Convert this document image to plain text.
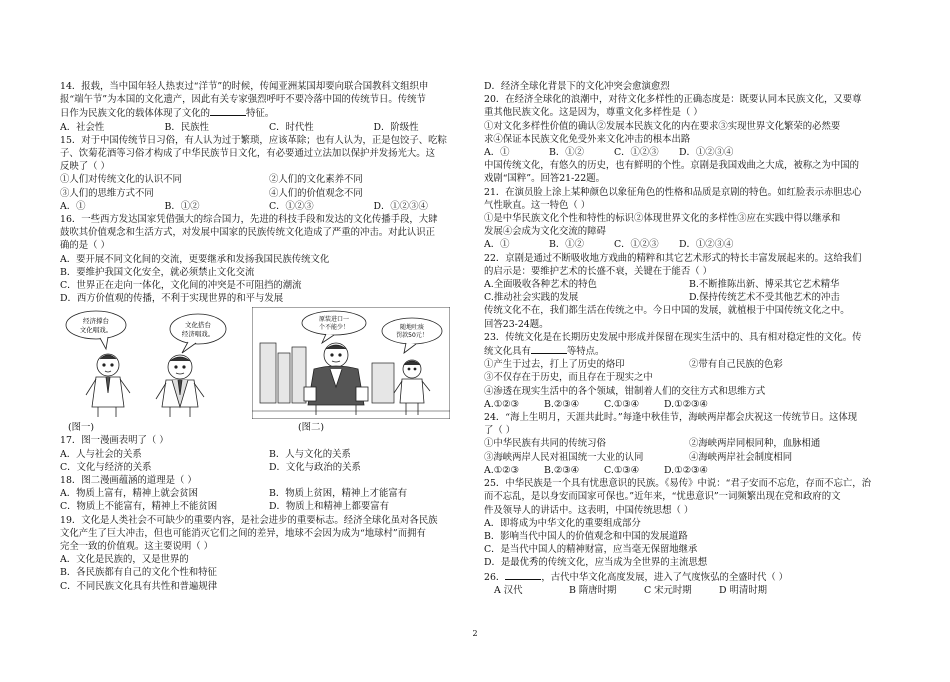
14．报载，当中国年轻人热衷过“洋节”的时候，传闻亚洲某国却要向联合国教科文组织申
报“端午节”为本国的文化遗产，因此有关专家强烈呼吁不要冷落中国的传统节日。传统节
日作为民族文化的载体体现了文化的	特征。
A．社会性	B．民族性	C．时代性	D．阶级性
15．对于中国传统节日习俗，有人认为过于繁琐，应该革除；也有人认为，正是包饺子、吃粽
子、饮菊花酒等习俗才构成了中华民族节日文化，有必要通过立法加以保护并发扬光大。这
反映了（ ）
①人们对传统文化的认识不同	②人们的文化素养不同
③人们的思维方式不同	④人们的价值观念不同
A．①	B．①②	C．①②③	D．①②③④
16．一些西方发达国家凭借强大的综合国力，先进的科技手段和发达的文化传播手段，大肆
鼓吹其价值观念和生活方式，对发展中国家的民族传统文化造成了严重的冲击。对此认识正
确的是（ ）
A．要开展不同文化间的交流，更要继承和发扬我国民族传统文化
B．要维护我国文化安全，就必须禁止文化交流
C．世界正在走向一体化，文化间的冲突是不可阻挡的潮流
D．西方价值观的传播，不利于实现世界的和平与发展
经济撑台
文化唱戏。
文化搭台
经济唱戏。
原装进口一
个不能少！	随地吐痰
罚款50元！
(图一)	(图二)
17．图一漫画表明了（ ）
A．人与社会的关系	B．人与文化的关系
C．文化与经济的关系	D．文化与政治的关系
18．图二漫画蕴涵的道理是（ ）
A．物质上富有，精神上就会贫困	B．物质上贫困，精神上才能富有
C．物质上不能富有，精神上不能贫困	D．物质上和精神上都要富有
19．文化是人类社会不可缺少的重要内容，是社会进步的重要标志。经济全球化虽对各民族
文化产生了巨大冲击，但也可能消灭它们之间的差异，地球不会因为成为“地球村”而拥有
完全一致的价值观。这主要说明（ ）
A．文化是民族的，又是世界的
B．各民族都有自己的文化个性和特征
C．不同民族文化具有共性和普遍规律
D．经济全球化背景下的文化冲突会愈演愈烈
20．在经济全球化的浪潮中，对待文化多样性的正确态度是：既要认同本民族文化，又要尊
重其他民族文化。这是因为，尊重文化多样性是（ ）
①对文化多样性价值的确认②发展本民族文化的内在要求③实现世界文化繁荣的必然要
求④保证本民族文化免受外来文化冲击的根本出路
A．①	B．①②	C．①②③	D．①②③④
中国传统文化，有悠久的历史，也有鲜明的个性。京剧是我国戏曲之大成，被称之为中国的
戏剧“国粹”。回答21-22题。
21．在演员脸上涂上某种颜色以象征角色的性格和品质是京剧的特色。如红脸表示赤胆忠心
气性耿直。这一特色（ ）
①是中华民族文化个性和特性的标识②体现世界文化的多样性③应在实践中得以继承和
发展④会成为文化交流的障碍
A．①	B．①②	C．①②③	D．①②③④
22．京剧是通过不断吸收地方戏曲的精粹和其它艺术形式的特长丰富发展起来的。这给我们
的启示是：要维护艺术的长盛不衰，关键在于能否（ ）
A.全面吸收各种艺术的特色	B.不断推陈出新、博采其它艺术精华
C.推动社会实践的发展	D.保持传统艺术不受其他艺术的冲击
传统文化不在，我们都生活在传统之中。今日中国的发展，就植根于中国传统文化之中。
回答23-24题。
23．传统文化是在长期历史发展中形成并保留在现实生活中的、具有相对稳定性的文化。传
统文化具有	等特点。
①产生于过去，打上了历史的烙印	②带有自己民族的色彩
③不仅存在于历史，而且存在于现实之中
④渗透在现实生活中的各个领域，钳制着人们的交往方式和思维方式
A.①②③	B.②③④	C.①③④	D.①②③④
24．“海上生明月，天涯共此时。”每逢中秋佳节，海峡两岸都会庆祝这一传统节日。这体现
了（ ）
①中华民族有共同的传统习俗	②海峡两岸同根同种，血脉相通
③海峡两岸人民对祖国统一大业的认同	④海峡两岸社会制度相同
A.①②③	B.②③④	C.①③④	D.①②③④
25．中华民族是一个具有忧患意识的民族。《易传》中说：“君子安而不忘危，存而不忘亡，治
而不忘乱，是以身安而国家可保也。”近年来，“忧患意识”一词频繁出现在党和政府的文
件及领导人的讲话中。这表明，中国传统思想（ ）
A．即将成为中华文化的重要组成部分
B．影响当代中国人的价值观念和中国的发展道路
C．是当代中国人的精神财富，应当毫无保留地继承
D．是最优秀的传统文化，应当成为全世界的主流思想
26．	，古代中华文化高度发展，进入了气度恢弘的全盛时代（ ）
A 汉代	B 隋唐时期	C 宋元时期	D 明清时期
2
